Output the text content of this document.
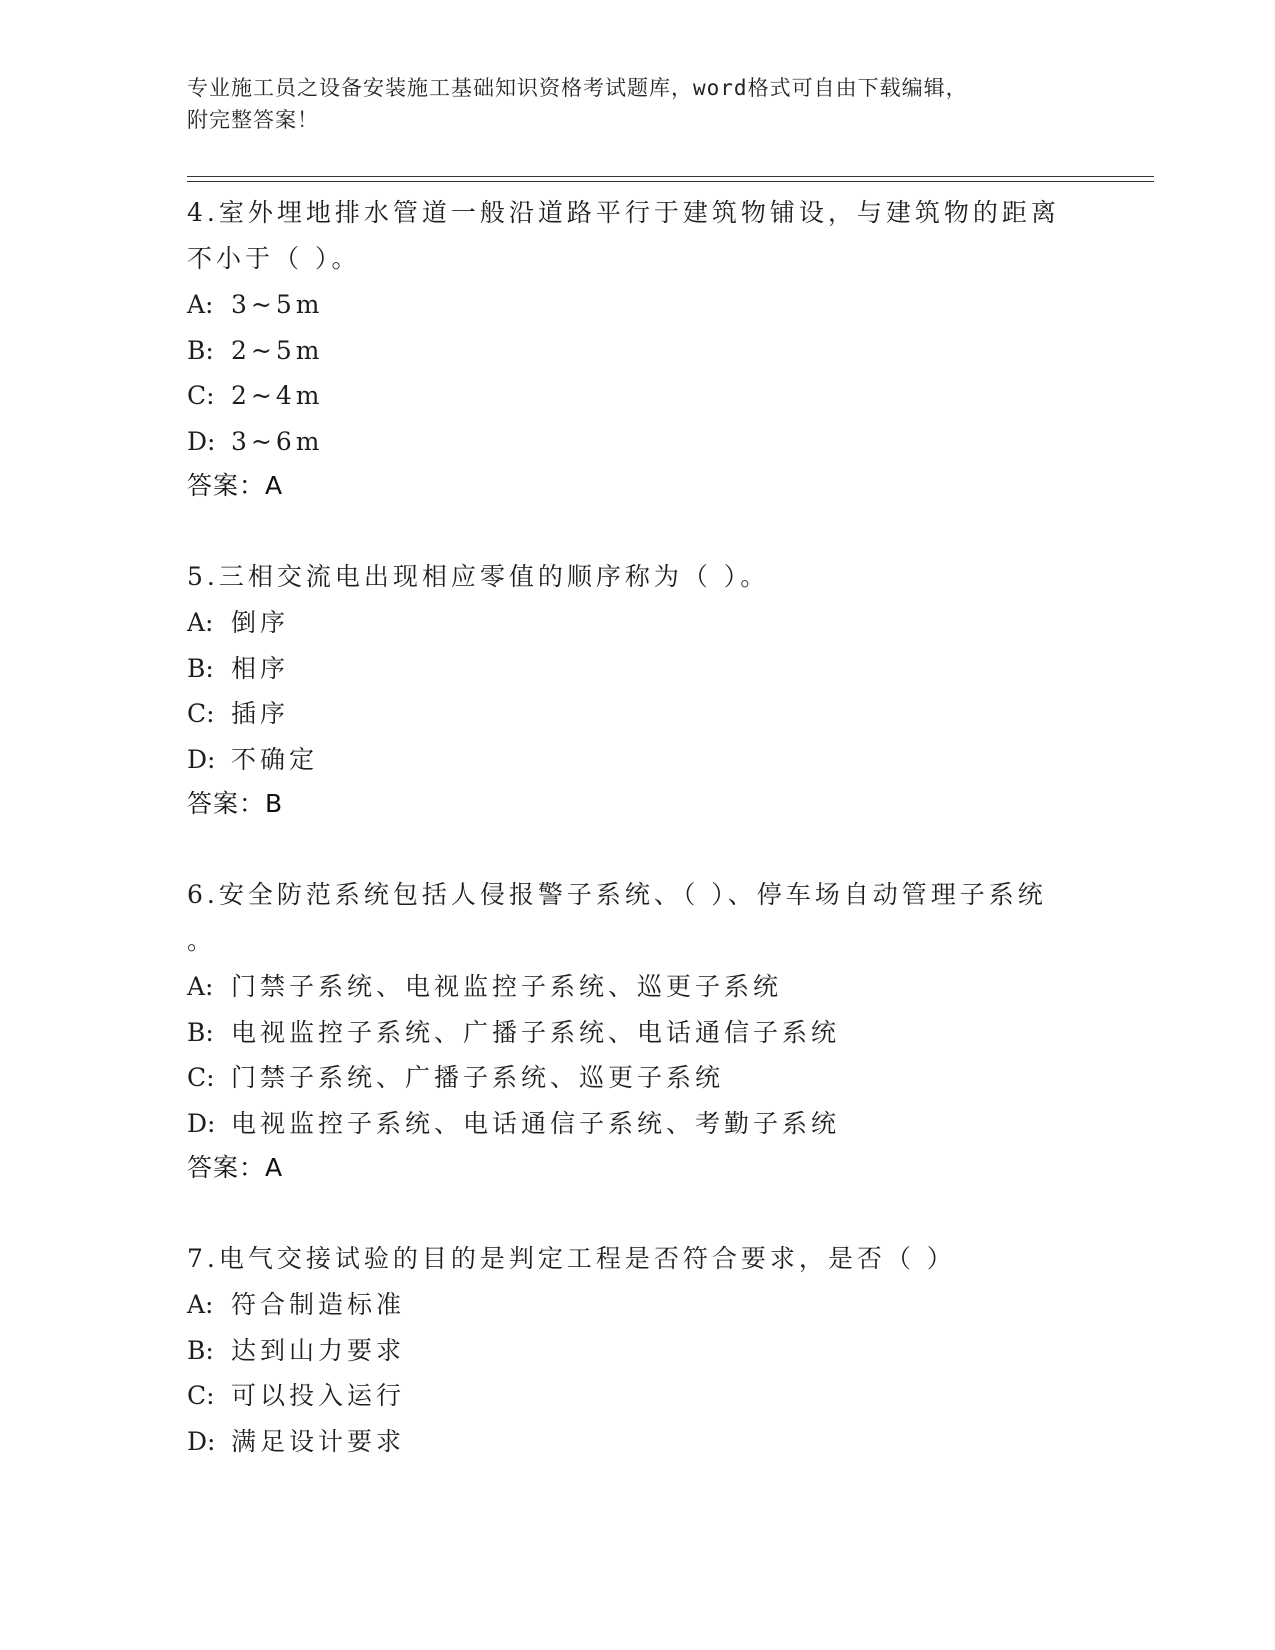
专业施工员之设备安装施工基础知识资格考试题库，word格式可自由下载编辑，
附完整答案！
4.室外埋地排水管道一般沿道路平行于建筑物铺设，与建筑物的距离
不小于（ ）。
A: 3~5m
B: 2~5m
C: 2~4m
D: 3~6m
答案：A
5.三相交流电出现相应零值的顺序称为（ ）。
A: 倒序
B: 相序
C: 插序
D: 不确定
答案：B
6.安全防范系统包括人侵报警子系统、（ ）、停车场自动管理子系统
。
A: 门禁子系统、电视监控子系统、巡更子系统
B: 电视监控子系统、广播子系统、电话通信子系统
C: 门禁子系统、广播子系统、巡更子系统
D: 电视监控子系统、电话通信子系统、考勤子系统
答案：A
7.电气交接试验的目的是判定工程是否符合要求，是否（ ）
A: 符合制造标准
B: 达到山力要求
C: 可以投入运行
D: 满足设计要求
